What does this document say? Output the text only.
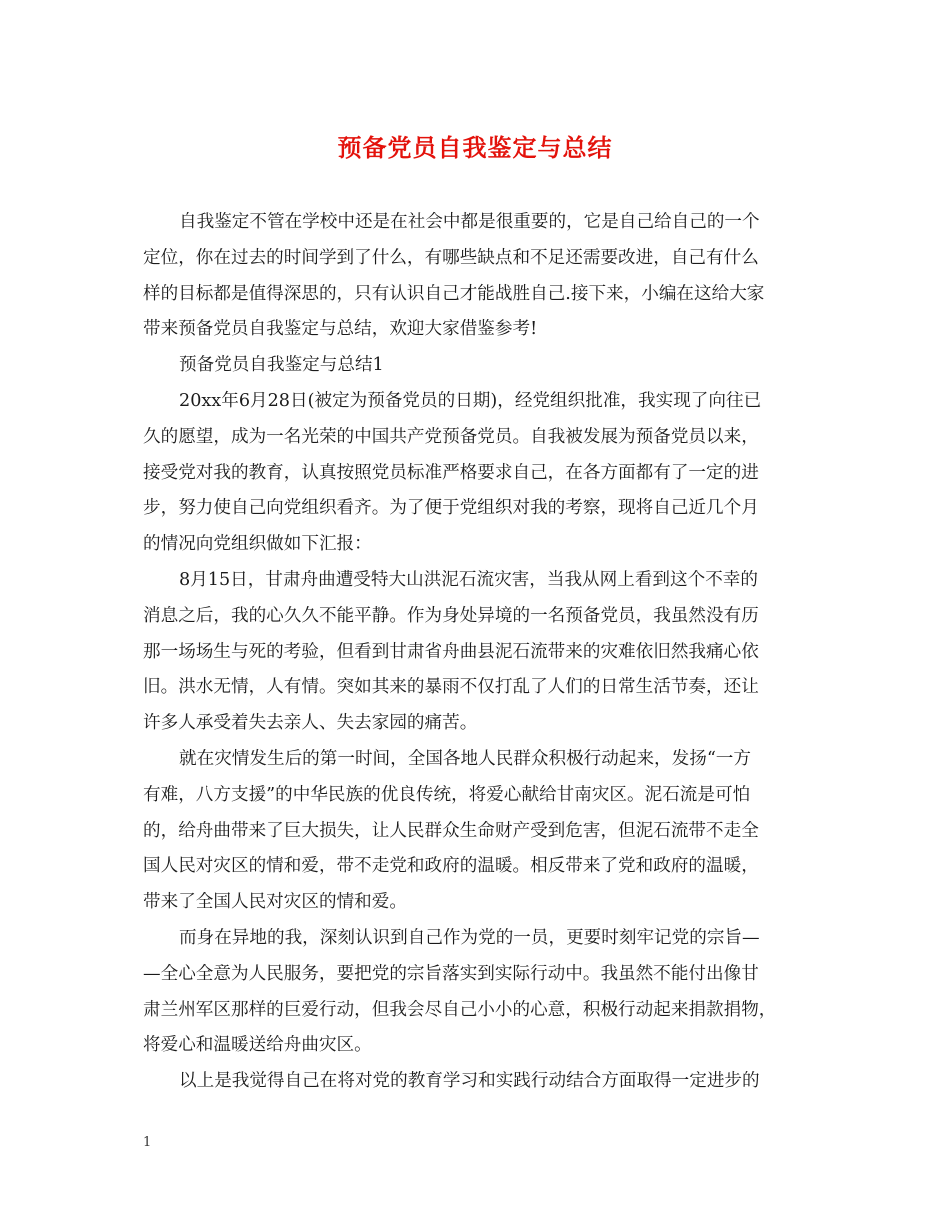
预备党员自我鉴定与总结
自我鉴定不管在学校中还是在社会中都是很重要的，它是自己给自己的一个
定位，你在过去的时间学到了什么，有哪些缺点和不足还需要改进，自己有什么
样的目标都是值得深思的，只有认识自己才能战胜自己.接下来，小编在这给大家
带来预备党员自我鉴定与总结，欢迎大家借鉴参考!
预备党员自我鉴定与总结1
20xx年6月28日(被定为预备党员的日期)，经党组织批准，我实现了向往已
久的愿望，成为一名光荣的中国共产党预备党员。自我被发展为预备党员以来，
接受党对我的教育，认真按照党员标准严格要求自己，在各方面都有了一定的进
步，努力使自己向党组织看齐。为了便于党组织对我的考察，现将自己近几个月
的情况向党组织做如下汇报：
8月15日，甘肃舟曲遭受特大山洪泥石流灾害，当我从网上看到这个不幸的
消息之后，我的心久久不能平静。作为身处异境的一名预备党员，我虽然没有历
那一场场生与死的考验，但看到甘肃省舟曲县泥石流带来的灾难依旧然我痛心依
旧。洪水无情，人有情。突如其来的暴雨不仅打乱了人们的日常生活节奏，还让
许多人承受着失去亲人、失去家园的痛苦。
就在灾情发生后的第一时间，全国各地人民群众积极行动起来，发扬“一方
有难，八方支援”的中华民族的优良传统，将爱心献给甘南灾区。泥石流是可怕
的，给舟曲带来了巨大损失，让人民群众生命财产受到危害，但泥石流带不走全
国人民对灾区的情和爱，带不走党和政府的温暖。相反带来了党和政府的温暖，
带来了全国人民对灾区的情和爱。
而身在异地的我，深刻认识到自己作为党的一员，更要时刻牢记党的宗旨—
—全心全意为人民服务，要把党的宗旨落实到实际行动中。我虽然不能付出像甘
肃兰州军区那样的巨爱行动，但我会尽自己小小的心意，积极行动起来捐款捐物，
将爱心和温暖送给舟曲灾区。
以上是我觉得自己在将对党的教育学习和实践行动结合方面取得一定进步的
1
